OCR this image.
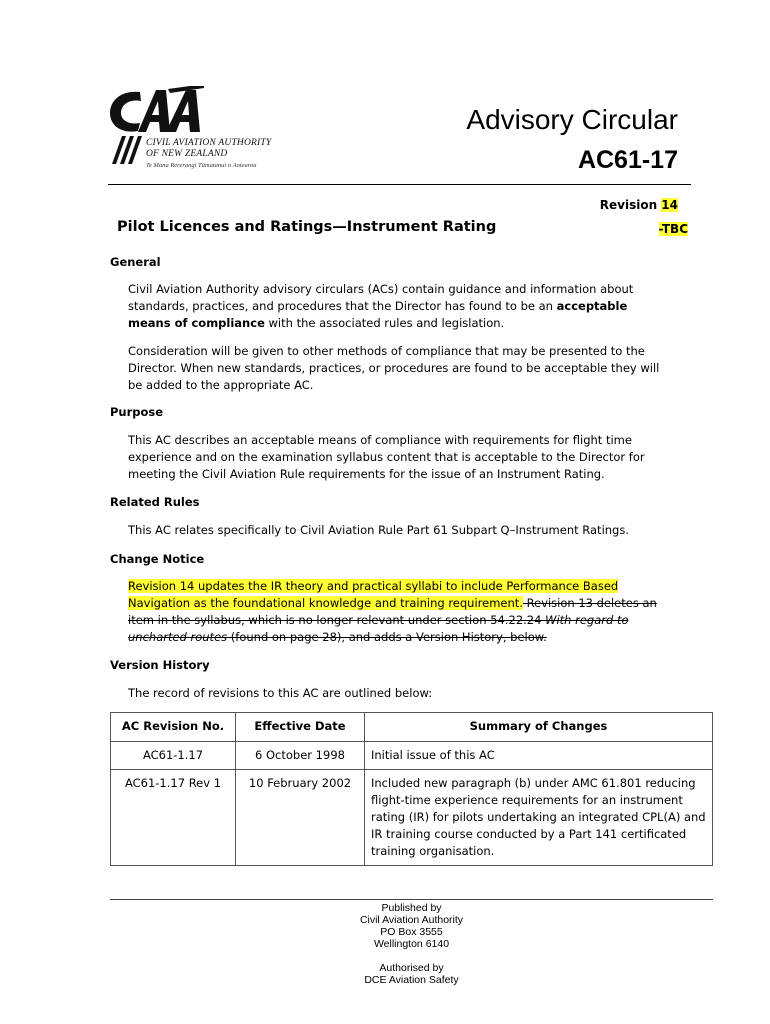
CIVIL AVIATION AUTHORITY
OF NEW ZEALAND
Te Mana Rererangi Tūmatanui o Aotearoa
Advisory Circular
AC61-17
Revision 14
-TBC
Pilot Licences and Ratings—Instrument Rating
General
Civil Aviation Authority advisory circulars (ACs) contain guidance and information about standards, practices, and procedures that the Director has found to be an acceptable means of compliance with the associated rules and legislation.
Consideration will be given to other methods of compliance that may be presented to the Director. When new standards, practices, or procedures are found to be acceptable they will be added to the appropriate AC.
Purpose
This AC describes an acceptable means of compliance with requirements for flight time experience and on the examination syllabus content that is acceptable to the Director for meeting the Civil Aviation Rule requirements for the issue of an Instrument Rating.
Related Rules
This AC relates specifically to Civil Aviation Rule Part 61 Subpart Q–Instrument Ratings.
Change Notice
Revision 14 updates the IR theory and practical syllabi to include Performance Based Navigation as the foundational knowledge and training requirement. Revision 13 deletes an item in the syllabus, which is no longer relevant under section 54.22.24 With regard to uncharted routes (found on page 28), and adds a Version History, below.
Version History
The record of revisions to this AC are outlined below:
AC Revision No.	Effective Date	Summary of Changes
AC61-1.17	6 October 1998	Initial issue of this AC
AC61-1.17 Rev 1	10 February 2002	Included new paragraph (b) under AMC 61.801 reducing flight-time experience requirements for an instrument rating (IR) for pilots undertaking an integrated CPL(A) and IR training course conducted by a Part 141 certificated training organisation.
Published by
Civil Aviation Authority
PO Box 3555
Wellington 6140
Authorised by
DCE Aviation Safety
